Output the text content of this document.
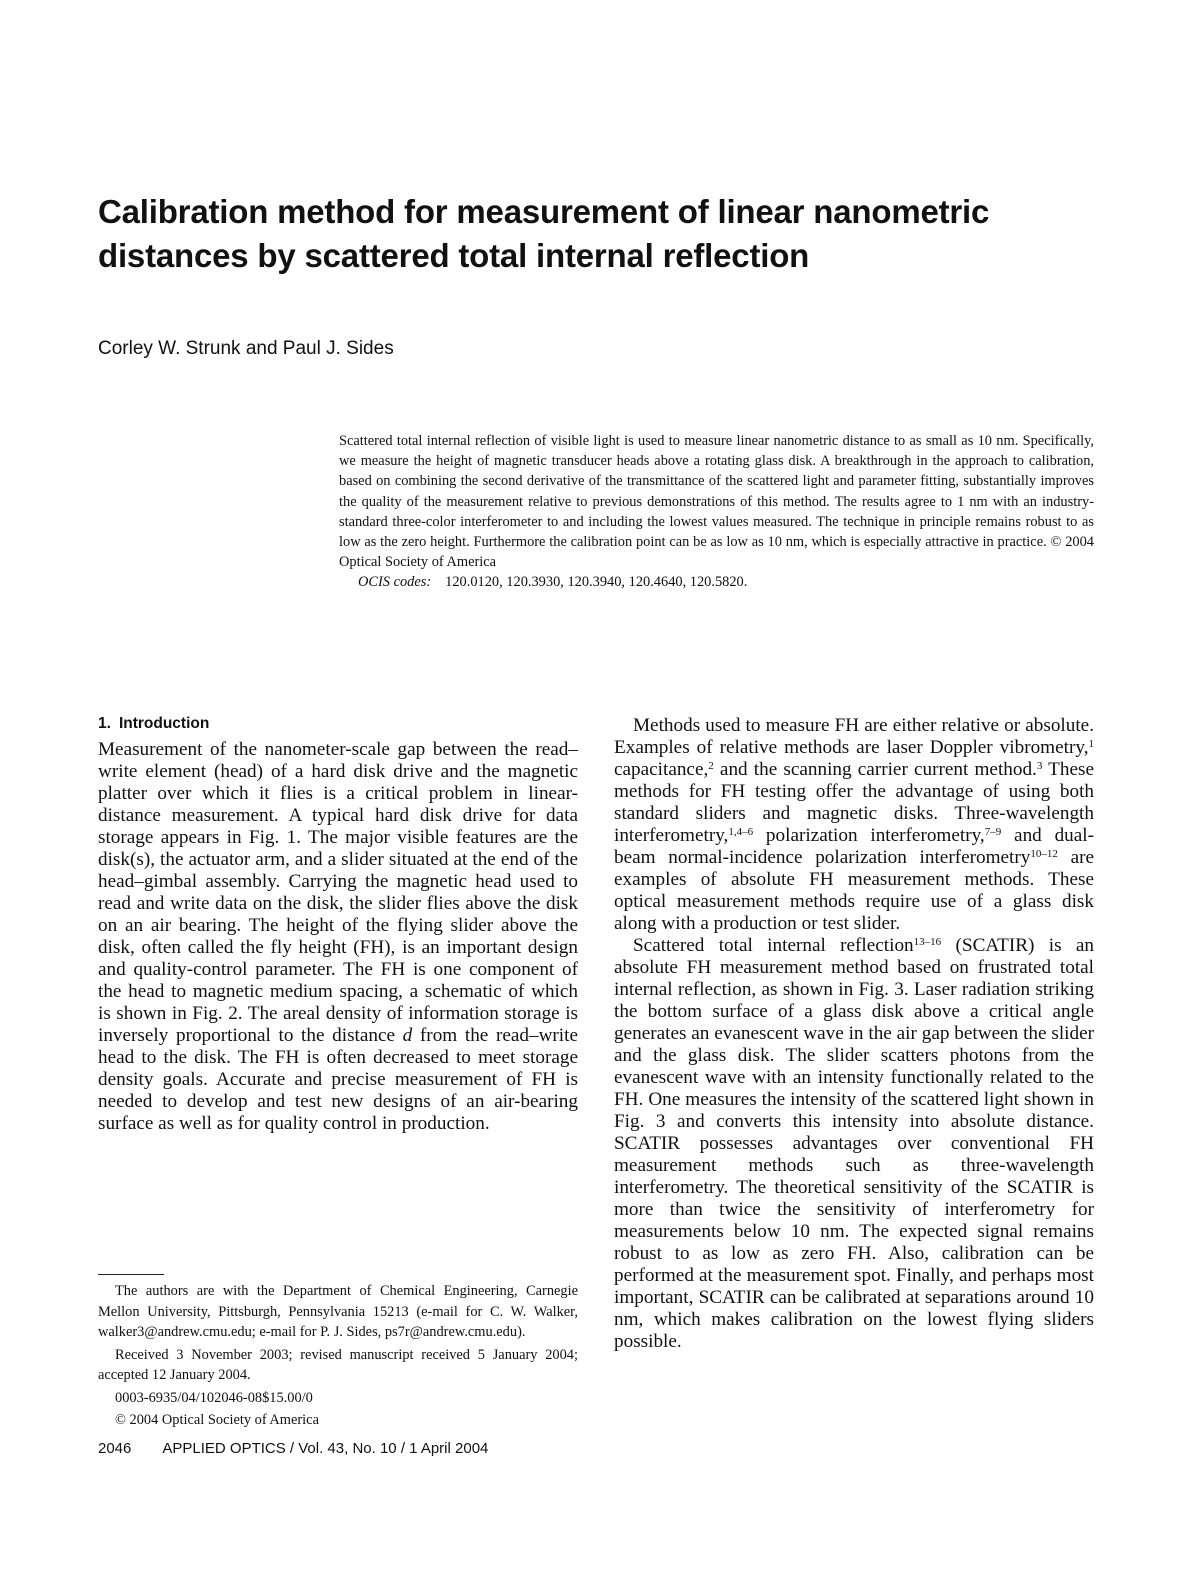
Calibration method for measurement of linear nanometric distances by scattered total internal reflection
Corley W. Strunk and Paul J. Sides

Scattered total internal reflection of visible light is used to measure linear nanometric distance to as small as 10 nm. Specifically, we measure the height of magnetic transducer heads above a rotating glass disk. A breakthrough in the approach to calibration, based on combining the second derivative of the transmittance of the scattered light and parameter fitting, substantially improves the quality of the measurement relative to previous demonstrations of this method. The results agree to 1 nm with an industry-standard three-color interferometer to and including the lowest values measured. The technique in principle remains robust to as low as the zero height. Furthermore the calibration point can be as low as 10 nm, which is especially attractive in practice. © 2004 Optical Society of America

OCIS codes: 120.0120, 120.3930, 120.3940, 120.4640, 120.5820.

1. Introduction

Measurement of the nanometer-scale gap between the read–write element (head) of a hard disk drive and the magnetic platter over which it flies is a critical problem in linear-distance measurement. A typical hard disk drive for data storage appears in Fig. 1. The major visible features are the disk(s), the actuator arm, and a slider situated at the end of the head–gimbal assembly. Carrying the magnetic head used to read and write data on the disk, the slider flies above the disk on an air bearing. The height of the flying slider above the disk, often called the fly height (FH), is an important design and quality-control parameter. The FH is one component of the head to magnetic medium spacing, a schematic of which is shown in Fig. 2. The areal density of information storage is inversely proportional to the distance d from the read–write head to the disk. The FH is often decreased to meet storage density goals. Accurate and precise measurement of FH is needed to develop and test new designs of an air-bearing surface as well as for quality control in production.

Methods used to measure FH are either relative or absolute. Examples of relative methods are laser Doppler vibrometry,$^1$ capacitance,$^2$ and the scanning carrier current method.$^3$ These methods for FH testing offer the advantage of using both standard sliders and magnetic disks. Three-wavelength interferometry,$^{1,4-6}$ polarization interferometry,$^{7-9}$ and dual-beam normal-incidence polarization interferometry$^{10-12}$ are examples of absolute FH measurement methods. These optical measurement methods require use of a glass disk along with a production or test slider.

Scattered total internal reflection$^{13-16}$ (SCATIR) is an absolute FH measurement method based on frustrated total internal reflection, as shown in Fig. 3. Laser radiation striking the bottom surface of a glass disk above a critical angle generates an evanescent wave in the air gap between the slider and the glass disk. The slider scatters photons from the evanescent wave with an intensity functionally related to the FH. One measures the intensity of the scattered light shown in Fig. 3 and converts this intensity into absolute distance. SCATIR possesses advantages over conventional FH measurement methods such as three-wavelength interferometry. The theoretical sensitivity of the SCATIR is more than twice the sensitivity of interferometry for measurements below 10 nm. The expected signal remains robust to as low as zero FH. Also, calibration can be performed at the measurement spot. Finally, and perhaps most important, SCATIR can be calibrated at separations around 10 nm, which makes calibration on the lowest flying sliders possible.

The authors are with the Department of Chemical Engineering, Carnegie Mellon University, Pittsburgh, Pennsylvania 15213 (e-mail for C. W. Walker, walker3@andrew.cmu.edu; e-mail for P. J. Sides, ps7r@andrew.cmu.edu).

Received 3 November 2003; revised manuscript received 5 January 2004; accepted 12 January 2004.

0003-6935/04/102046-08$15.00/0

© 2004 Optical Society of America

2046 APPLIED OPTICS / Vol. 43, No. 10 / 1 April 2004
